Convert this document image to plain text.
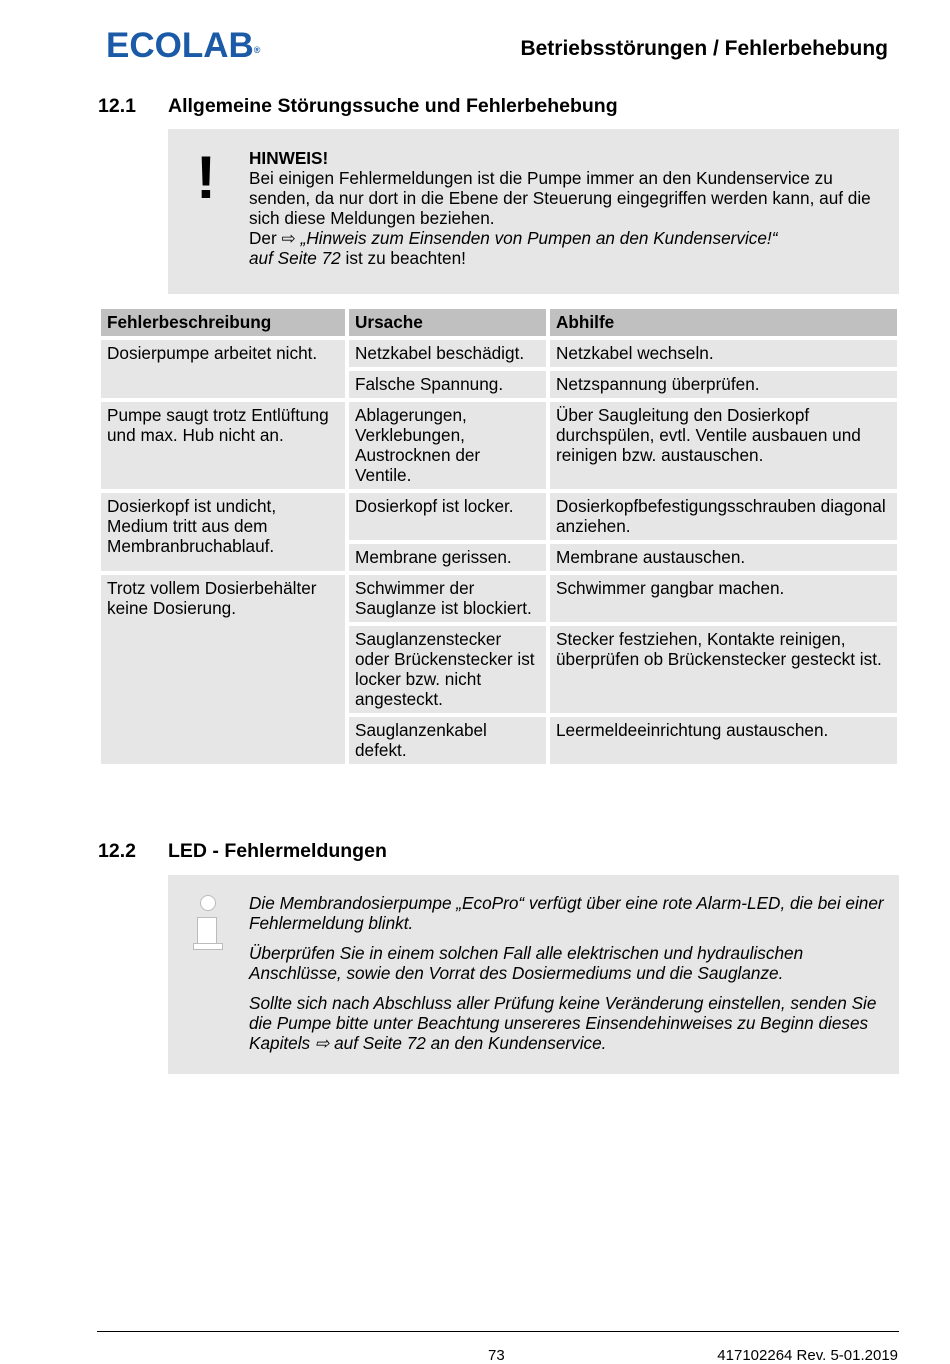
ECOLAB®	Betriebsstörungen / Fehlerbehebung
12.1 Allgemeine Störungssuche und Fehlerbehebung
! HINWEIS!
Bei einigen Fehlermeldungen ist die Pumpe immer an den Kundenservice zu senden, da nur dort in die Ebene der Steuerung eingegriffen werden kann, auf die sich diese Meldungen beziehen.
Der ⇨ „Hinweis zum Einsenden von Pumpen an den Kundenservice!“
auf Seite 72 ist zu beachten!
Fehlerbeschreibung	Ursache	Abhilfe
Dosierpumpe arbeitet nicht.	Netzkabel beschädigt.	Netzkabel wechseln.
	Falsche Spannung.	Netzspannung überprüfen.
Pumpe saugt trotz Entlüftung und max. Hub nicht an.	Ablagerungen, Verklebungen, Austrocknen der Ventile.	Über Saugleitung den Dosierkopf durchspülen, evtl. Ventile ausbauen und reinigen bzw. austauschen.
Dosierkopf ist undicht, Medium tritt aus dem Membranbruchablauf.	Dosierkopf ist locker.	Dosierkopfbefestigungsschrauben diagonal anziehen.
	Membrane gerissen.	Membrane austauschen.
Trotz vollem Dosierbehälter keine Dosierung.	Schwimmer der Sauglanze ist blockiert.	Schwimmer gangbar machen.
	Sauglanzenstecker oder Brückenstecker ist locker bzw. nicht angesteckt.	Stecker festziehen, Kontakte reinigen, überprüfen ob Brückenstecker gesteckt ist.
	Sauglanzenkabel defekt.	Leermeldeeinrichtung austauschen.
12.2 LED - Fehlermeldungen

Die Membrandosierpumpe „EcoPro“ verfügt über eine rote Alarm-LED, die bei einer Fehlermeldung blinkt.

Überprüfen Sie in einem solchen Fall alle elektrischen und hydraulischen Anschlüsse, sowie den Vorrat des Dosiermediums und die Sauglanze.

Sollte sich nach Abschluss aller Prüfung keine Veränderung einstellen, senden Sie die Pumpe bitte unter Beachtung unsereres Einsendehinweises zu Beginn dieses Kapitels ⇨ auf Seite 72 an den Kundenservice.

73	417102264 Rev. 5-01.2019
